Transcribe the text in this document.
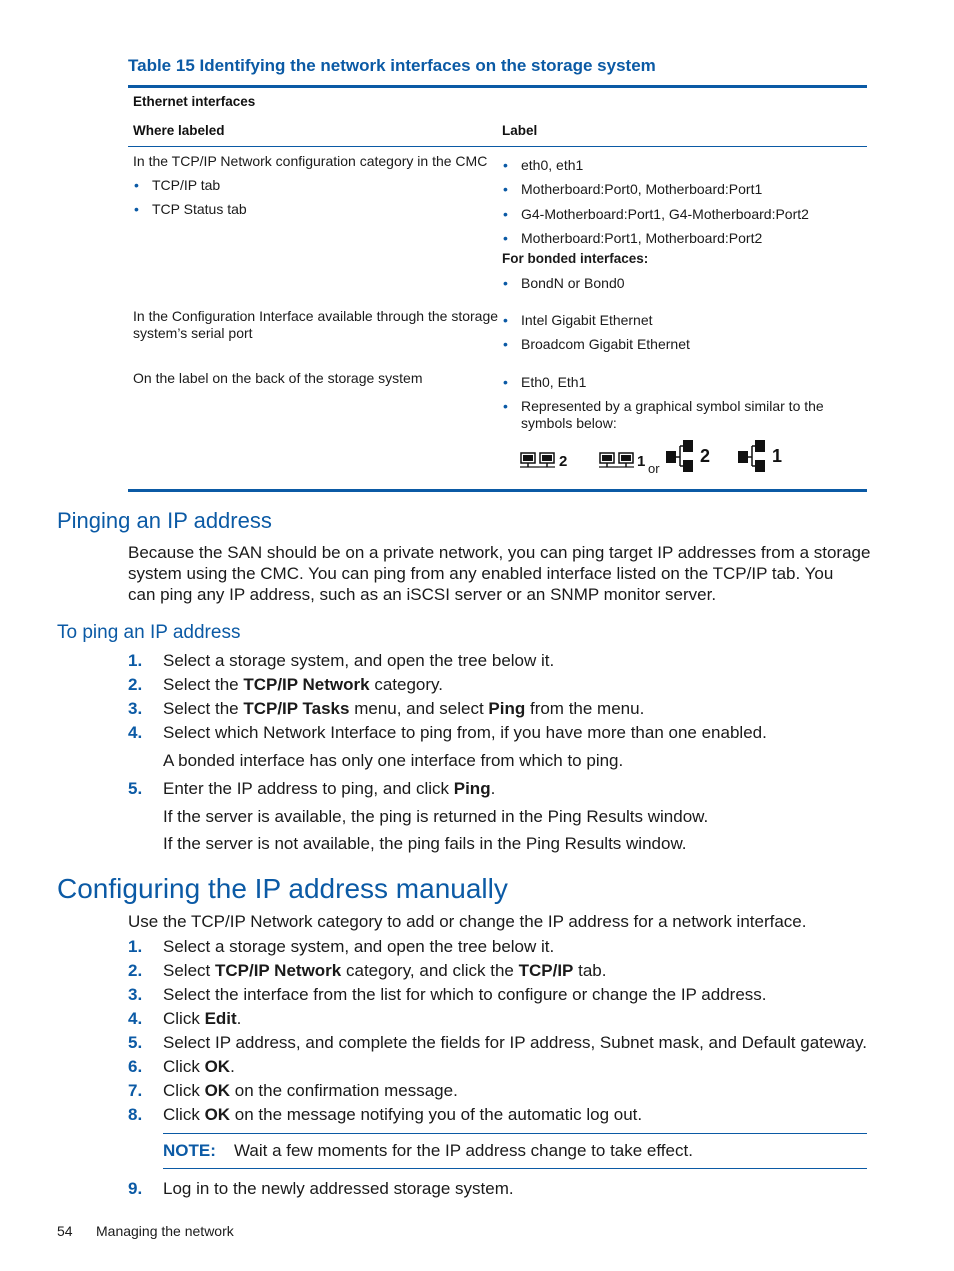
Table 15 Identifying the network interfaces on the storage system
Ethernet interfaces
Where labeled	Label
In the TCP/IP Network configuration category in the CMC
• TCP/IP tab
• TCP Status tab
• eth0, eth1
• Motherboard:Port0, Motherboard:Port1
• G4-Motherboard:Port1, G4-Motherboard:Port2
• Motherboard:Port1, Motherboard:Port2
For bonded interfaces:
• BondN or Bond0
In the Configuration Interface available through the storage
system’s serial port
• Intel Gigabit Ethernet
• Broadcom Gigabit Ethernet
On the label on the back of the storage system
•	Eth0, Eth1
• Represented by a graphical symbol similar to the
symbols below:
2	1 or
2	1
Pinging an IP address
Because the SAN should be on a private network, you can ping target IP addresses from a storage
system using the CMC. You can ping from any enabled interface listed on the TCP/IP tab. You
can ping any IP address, such as an iSCSI server or an SNMP monitor server.
To ping an IP address
1. Select a storage system, and open the tree below it.
2. Select the TCP/IP Network category.
3. Select the TCP/IP Tasks menu, and select Ping from the menu.
4. Select which Network Interface to ping from, if you have more than one enabled.
A bonded interface has only one interface from which to ping.
5. Enter the IP address to ping, and click Ping.
If the server is available, the ping is returned in the Ping Results window.
If the server is not available, the ping fails in the Ping Results window.
Configuring the IP address manually
Use the TCP/IP Network category to add or change the IP address for a network interface.
1. Select a storage system, and open the tree below it.
2. Select TCP/IP Network category, and click the TCP/IP tab.
3. Select the interface from the list for which to configure or change the IP address.
4. Click Edit.
5. Select IP address, and complete the fields for IP address, Subnet mask, and Default gateway.
6. Click OK.
7. Click OK on the confirmation message.
8. Click OK on the message notifying you of the automatic log out.
NOTE: Wait a few moments for the IP address change to take effect.
9. Log in to the newly addressed storage system.
54 Managing the network
